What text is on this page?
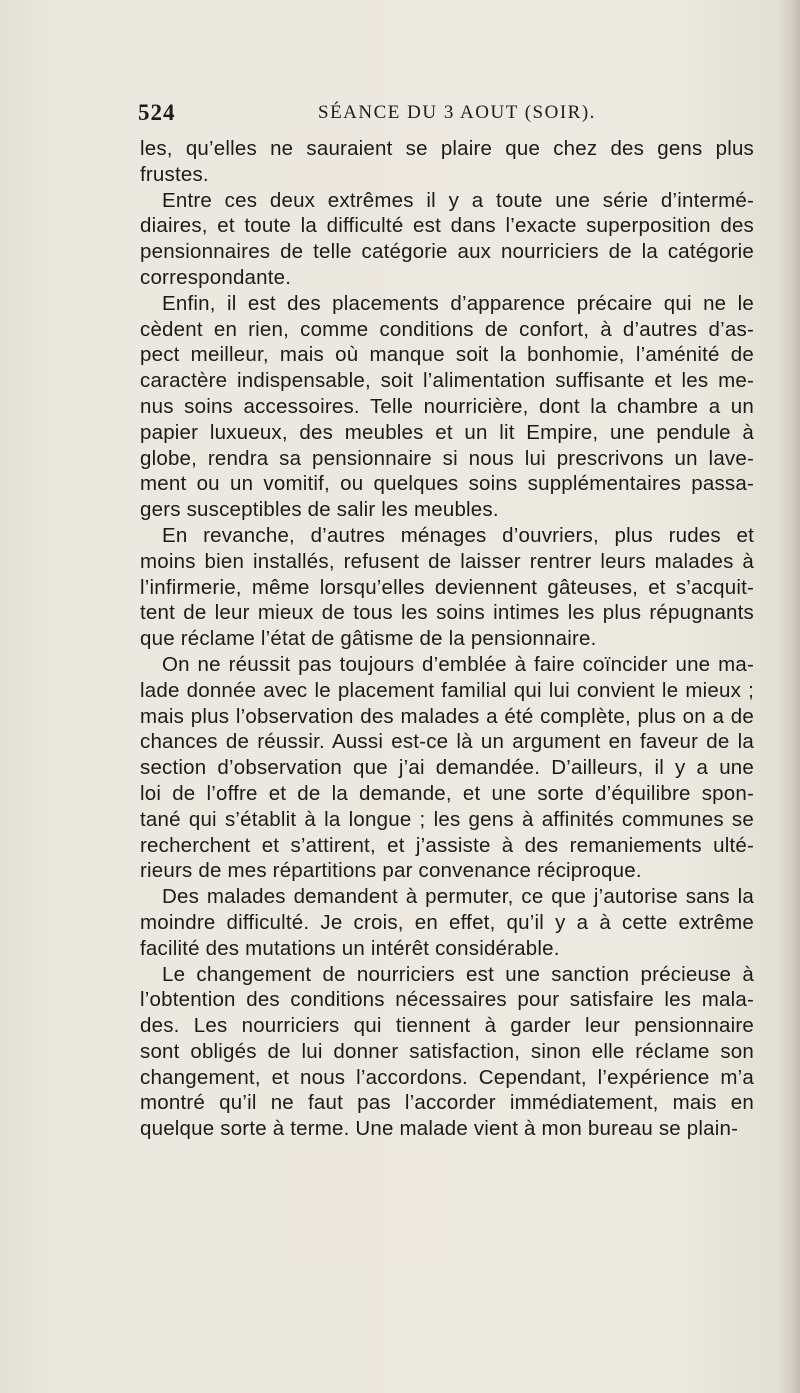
524	SÉANCE DU 3 AOUT (SOIR).
les, qu’elles ne sauraient se plaire que chez des gens plus
frustes.
Entre ces deux extrêmes il y a toute une série d’intermé-
diaires, et toute la difficulté est dans l’exacte superposition des
pensionnaires de telle catégorie aux nourriciers de la catégorie
correspondante.
Enfin, il est des placements d’apparence précaire qui ne le
cèdent en rien, comme conditions de confort, à d’autres d’as-
pect meilleur, mais où manque soit la bonhomie, l’aménité de
caractère indispensable, soit l’alimentation suffisante et les me-
nus soins accessoires. Telle nourricière, dont la chambre a un
papier luxueux, des meubles et un lit Empire, une pendule à
globe, rendra sa pensionnaire si nous lui prescrivons un lave-
ment ou un vomitif, ou quelques soins supplémentaires passa-
gers susceptibles de salir les meubles.
En revanche, d’autres ménages d’ouvriers, plus rudes et
moins bien installés, refusent de laisser rentrer leurs malades à
l’infirmerie, même lorsqu’elles deviennent gâteuses, et s’acquit-
tent de leur mieux de tous les soins intimes les plus répugnants
que réclame l’état de gâtisme de la pensionnaire.
On ne réussit pas toujours d’emblée à faire coïncider une ma-
lade donnée avec le placement familial qui lui convient le mieux ;
mais plus l’observation des malades a été complète, plus on a de
chances de réussir. Aussi est-ce là un argument en faveur de la
section d’observation que j’ai demandée. D’ailleurs, il y a une
loi de l’offre et de la demande, et une sorte d’équilibre spon-
tané qui s’établit à la longue ; les gens à affinités communes se
recherchent et s’attirent, et j’assiste à des remaniements ulté-
rieurs de mes répartitions par convenance réciproque.
Des malades demandent à permuter, ce que j’autorise sans la
moindre difficulté. Je crois, en effet, qu’il y a à cette extrême
facilité des mutations un intérêt considérable.
Le changement de nourriciers est une sanction précieuse à
l’obtention des conditions nécessaires pour satisfaire les mala-
des. Les nourriciers qui tiennent à garder leur pensionnaire
sont obligés de lui donner satisfaction, sinon elle réclame son
changement, et nous l’accordons. Cependant, l’expérience m’a
montré qu’il ne faut pas l’accorder immédiatement, mais en
quelque sorte à terme. Une malade vient à mon bureau se plain-
